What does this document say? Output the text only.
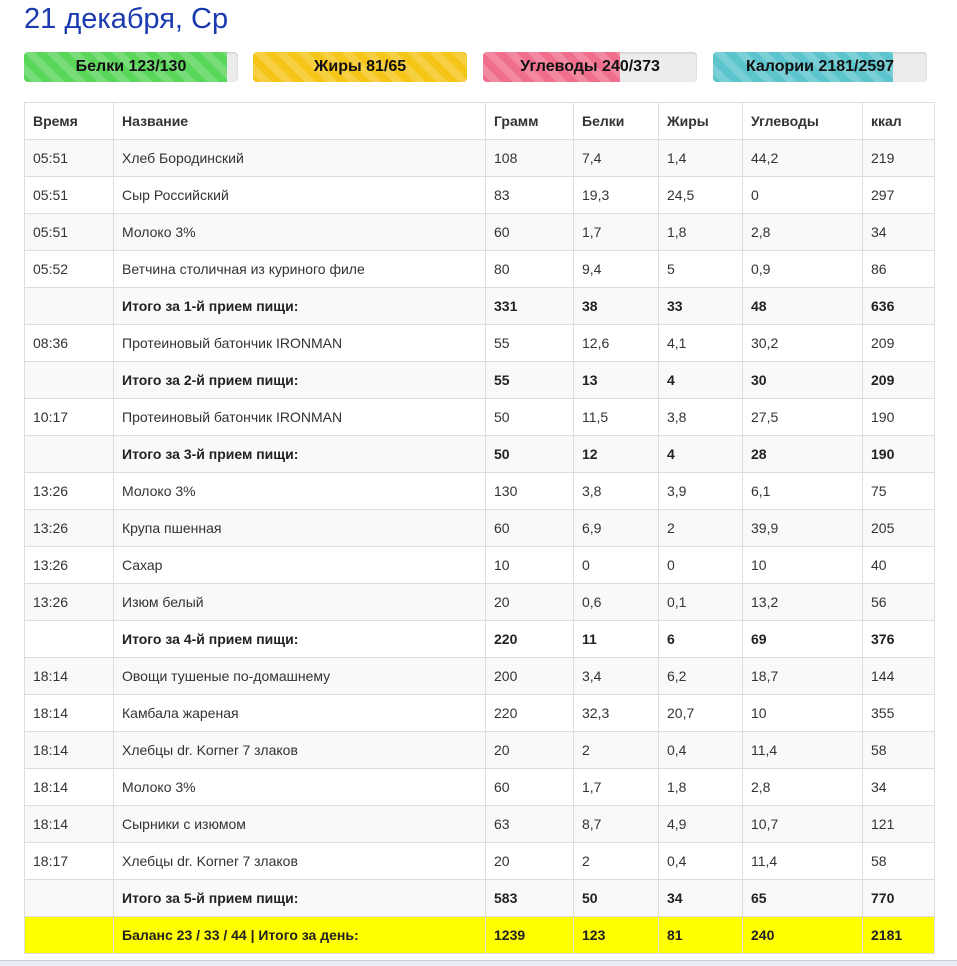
21 декабря, Ср
Белки 123/130	Жиры 81/65	Углеводы 240/373	Калории 2181/2597
Время	Название	Грамм	Белки	Жиры	Углеводы	ккал
05:51	Хлеб Бородинский	108	7,4	1,4	44,2	219
05:51	Сыр Российский	83	19,3	24,5	0	297
05:51	Молоко 3%	60	1,7	1,8	2,8	34
05:52	Ветчина столичная из куриного филе	80	9,4	5	0,9	86
	Итого за 1-й прием пищи:	331	38	33	48	636
08:36	Протеиновый батончик IRONMAN	55	12,6	4,1	30,2	209
	Итого за 2-й прием пищи:	55	13	4	30	209
10:17	Протеиновый батончик IRONMAN	50	11,5	3,8	27,5	190
	Итого за 3-й прием пищи:	50	12	4	28	190
13:26	Молоко 3%	130	3,8	3,9	6,1	75
13:26	Крупа пшенная	60	6,9	2	39,9	205
13:26	Сахар	10	0	0	10	40
13:26	Изюм белый	20	0,6	0,1	13,2	56
	Итого за 4-й прием пищи:	220	11	6	69	376
18:14	Овощи тушеные по-домашнему	200	3,4	6,2	18,7	144
18:14	Камбала жареная	220	32,3	20,7	10	355
18:14	Хлебцы dr. Korner 7 злаков	20	2	0,4	11,4	58
18:14	Молоко 3%	60	1,7	1,8	2,8	34
18:14	Сырники с изюмом	63	8,7	4,9	10,7	121
18:17	Хлебцы dr. Korner 7 злаков	20	2	0,4	11,4	58
	Итого за 5-й прием пищи:	583	50	34	65	770
	Баланс 23 / 33 / 44 | Итого за день:	1239	123	81	240	2181
